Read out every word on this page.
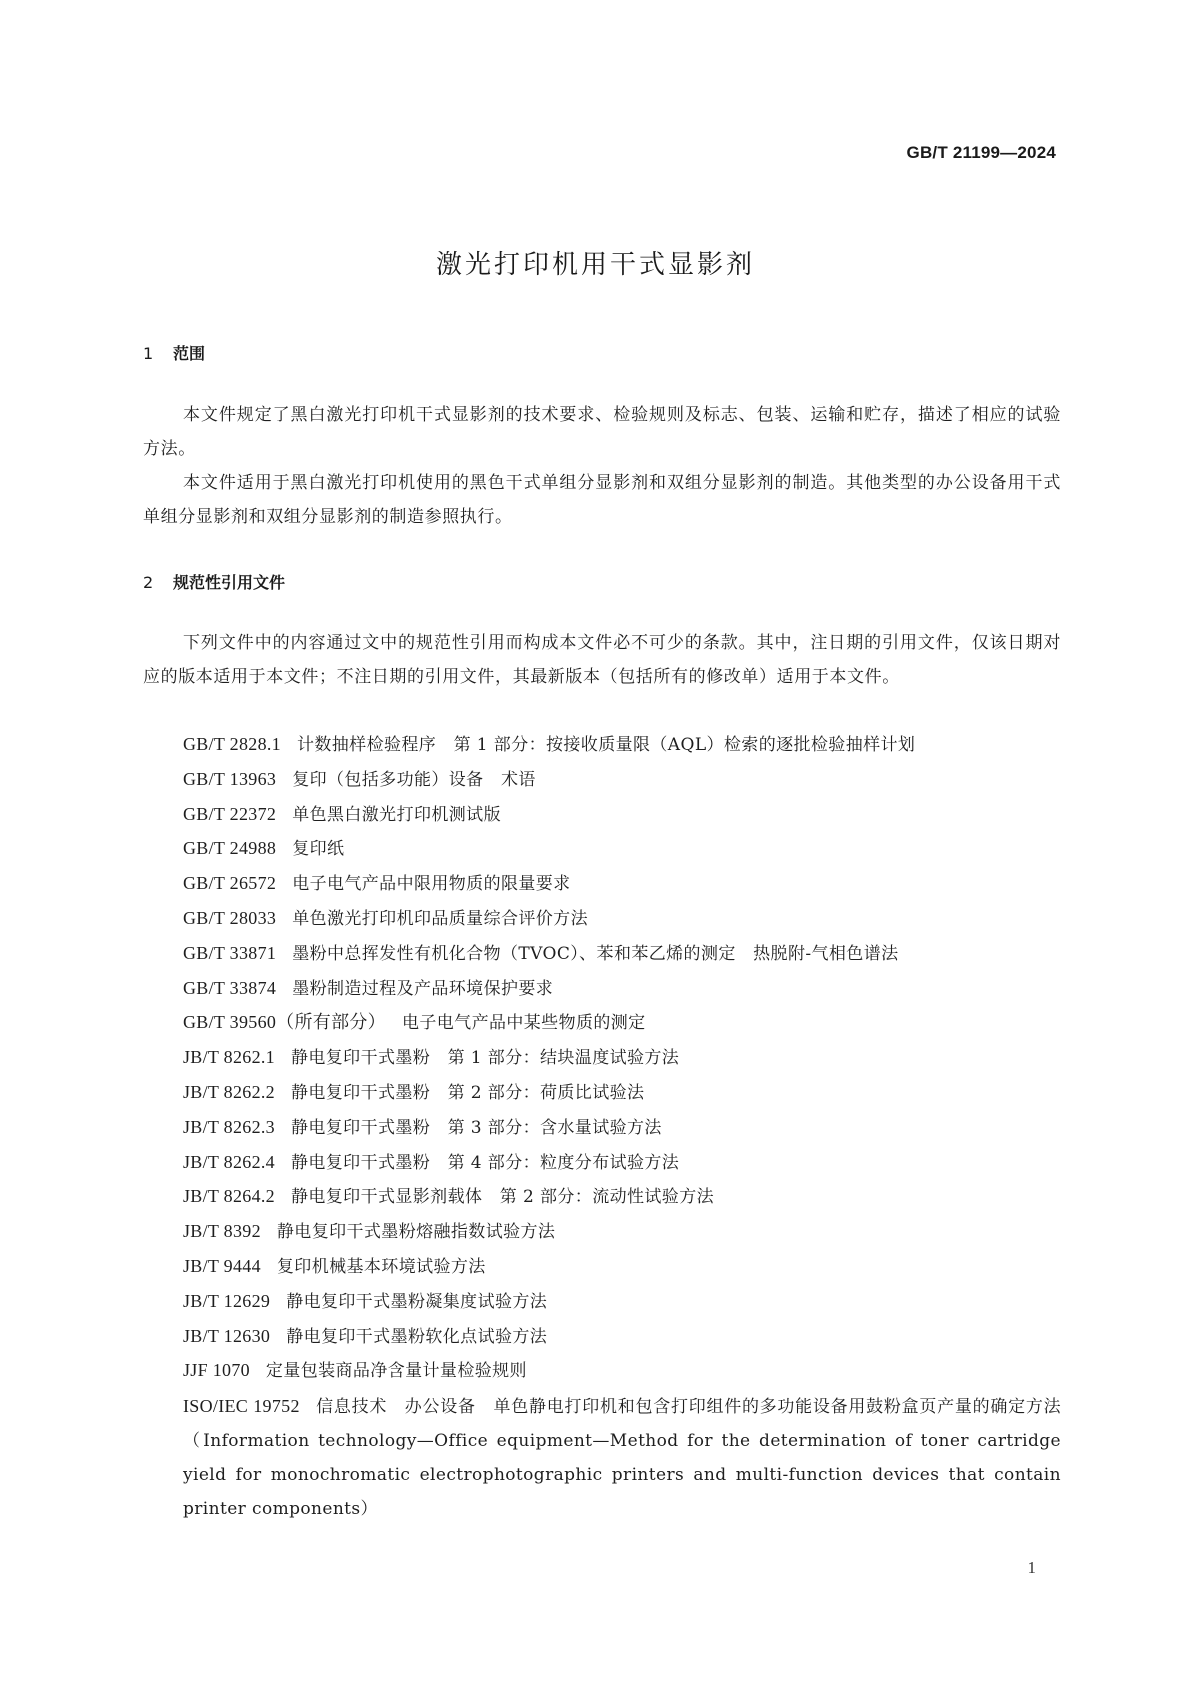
GB/T 21199—2024
激光打印机用干式显影剂
1 范围

本文件规定了黑白激光打印机干式显影剂的技术要求、检验规则及标志、包装、运输和贮存，描述了相应的试验方法。

本文件适用于黑白激光打印机使用的黑色干式单组分显影剂和双组分显影剂的制造。其他类型的办公设备用干式单组分显影剂和双组分显影剂的制造参照执行。

2 规范性引用文件

下列文件中的内容通过文中的规范性引用而构成本文件必不可少的条款。其中，注日期的引用文件，仅该日期对应的版本适用于本文件；不注日期的引用文件，其最新版本（包括所有的修改单）适用于本文件。

GB/T 2828.1 计数抽样检验程序　第 1 部分：按接收质量限（AQL）检索的逐批检验抽样计划
GB/T 13963 复印（包括多功能）设备　术语
GB/T 22372 单色黑白激光打印机测试版
GB/T 24988 复印纸
GB/T 26572 电子电气产品中限用物质的限量要求
GB/T 28033 单色激光打印机印品质量综合评价方法
GB/T 33871 墨粉中总挥发性有机化合物（TVOC）、苯和苯乙烯的测定　热脱附-气相色谱法
GB/T 33874 墨粉制造过程及产品环境保护要求
GB/T 39560（所有部分） 电子电气产品中某些物质的测定
JB/T 8262.1 静电复印干式墨粉　第 1 部分：结块温度试验方法
JB/T 8262.2 静电复印干式墨粉　第 2 部分：荷质比试验法
JB/T 8262.3 静电复印干式墨粉　第 3 部分：含水量试验方法
JB/T 8262.4 静电复印干式墨粉　第 4 部分：粒度分布试验方法
JB/T 8264.2 静电复印干式显影剂载体　第 2 部分：流动性试验方法
JB/T 8392 静电复印干式墨粉熔融指数试验方法
JB/T 9444 复印机械基本环境试验方法
JB/T 12629 静电复印干式墨粉凝集度试验方法
JB/T 12630 静电复印干式墨粉软化点试验方法
JJF 1070 定量包装商品净含量计量检验规则
ISO/IEC 19752 信息技术　办公设备　单色静电打印机和包含打印组件的多功能设备用鼓粉盒页产量的确定方法（Information technology—Office equipment—Method for the determination of toner cartridge yield for monochromatic electrophotographic printers and multi-function devices that contain printer components）
1
